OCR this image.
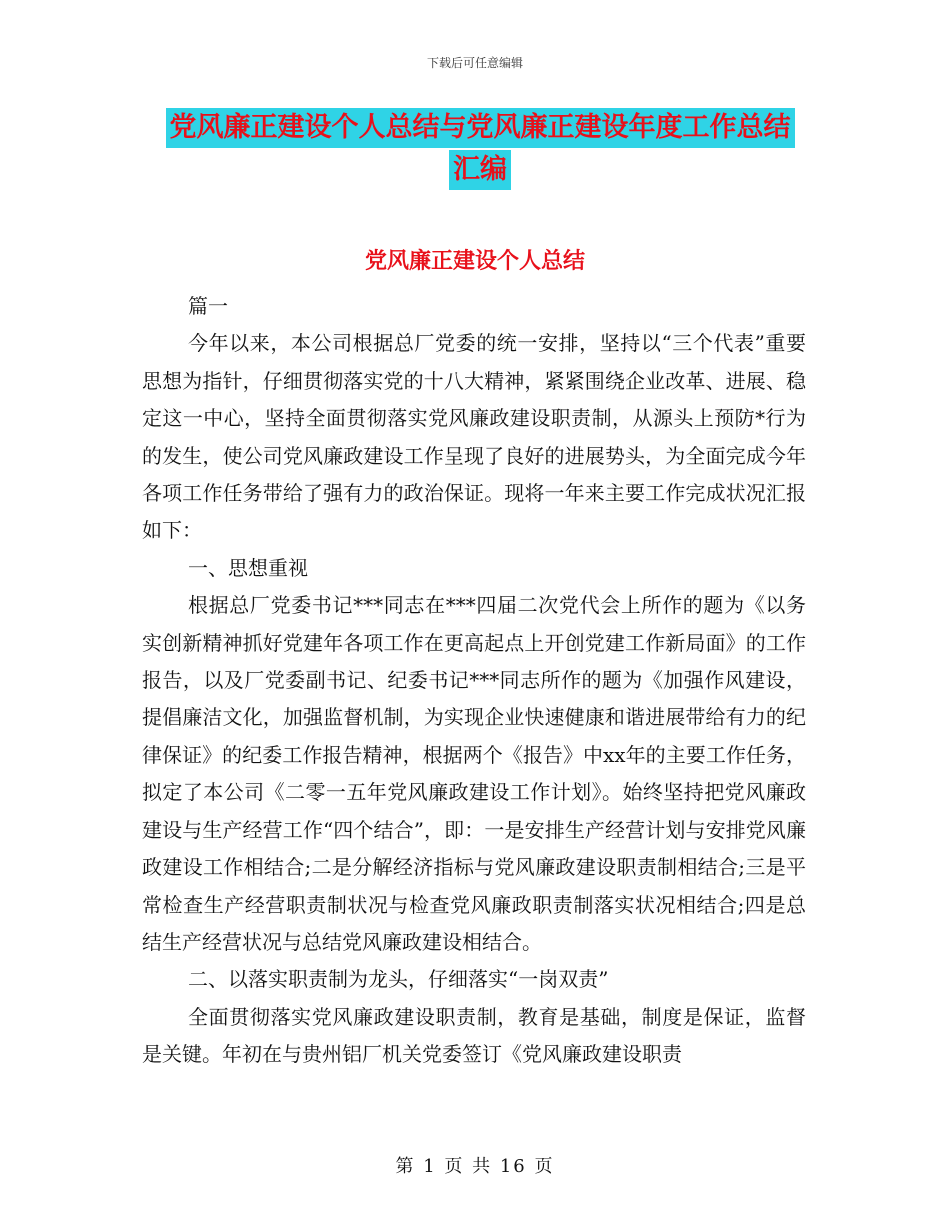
下载后可任意编辑
党风廉正建设个人总结与党风廉正建设年度工作总结
汇编
党风廉正建设个人总结

篇一

今年以来，本公司根据总厂党委的统一安排，坚持以“三个代表”重要思想为指针，仔细贯彻落实党的十八大精神，紧紧围绕企业改革、进展、稳定这一中心，坚持全面贯彻落实党风廉政建设职责制，从源头上预防*行为的发生，使公司党风廉政建设工作呈现了良好的进展势头，为全面完成今年各项工作任务带给了强有力的政治保证。现将一年来主要工作完成状况汇报如下：

一、思想重视

根据总厂党委书记***同志在***四届二次党代会上所作的题为《以务实创新精神抓好党建年各项工作在更高起点上开创党建工作新局面》的工作报告，以及厂党委副书记、纪委书记***同志所作的题为《加强作风建设，提倡廉洁文化，加强监督机制，为实现企业快速健康和谐进展带给有力的纪律保证》的纪委工作报告精神，根据两个《报告》中xx年的主要工作任务，拟定了本公司《二零一五年党风廉政建设工作计划》。始终坚持把党风廉政建设与生产经营工作“四个结合”，即：一是安排生产经营计划与安排党风廉政建设工作相结合;二是分解经济指标与党风廉政建设职责制相结合;三是平常检查生产经营职责制状况与检查党风廉政职责制落实状况相结合;四是总结生产经营状况与总结党风廉政建设相结合。

二、以落实职责制为龙头，仔细落实“一岗双责”

全面贯彻落实党风廉政建设职责制，教育是基础，制度是保证，监督是关键。年初在与贵州铝厂机关党委签订《党风廉政建设职责

第 1 页 共 16 页
